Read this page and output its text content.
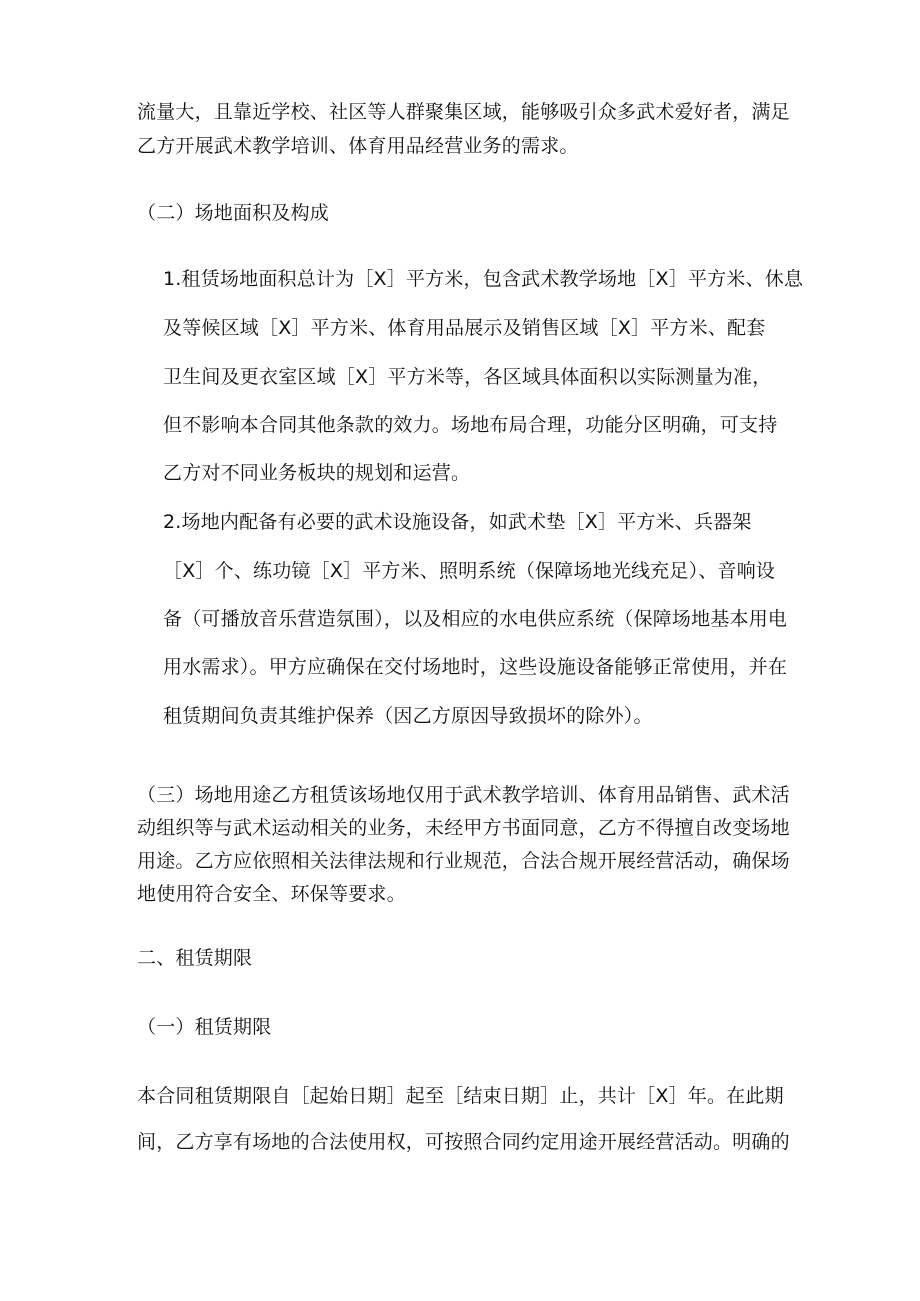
流量大，且靠近学校、社区等人群聚集区域，能够吸引众多武术爱好者，满足
乙方开展武术教学培训、体育用品经营业务的需求。
（二）场地面积及构成
1.租赁场地面积总计为［X］平方米，包含武术教学场地［X］平方米、休息
及等候区域［X］平方米、体育用品展示及销售区域［X］平方米、配套
卫生间及更衣室区域［X］平方米等，各区域具体面积以实际测量为准，
但不影响本合同其他条款的效力。场地布局合理，功能分区明确，可支持
乙方对不同业务板块的规划和运营。
2.场地内配备有必要的武术设施设备，如武术垫［X］平方米、兵器架
［X］个、练功镜［X］平方米、照明系统（保障场地光线充足）、音响设
备（可播放音乐营造氛围），以及相应的水电供应系统（保障场地基本用电
用水需求）。甲方应确保在交付场地时，这些设施设备能够正常使用，并在
租赁期间负责其维护保养（因乙方原因导致损坏的除外）。
（三）场地用途乙方租赁该场地仅用于武术教学培训、体育用品销售、武术活
动组织等与武术运动相关的业务，未经甲方书面同意，乙方不得擅自改变场地
用途。乙方应依照相关法律法规和行业规范，合法合规开展经营活动，确保场
地使用符合安全、环保等要求。
二、租赁期限
（一）租赁期限
本合同租赁期限自［起始日期］起至［结束日期］止，共计［X］年。在此期
间，乙方享有场地的合法使用权，可按照合同约定用途开展经营活动。明确的
